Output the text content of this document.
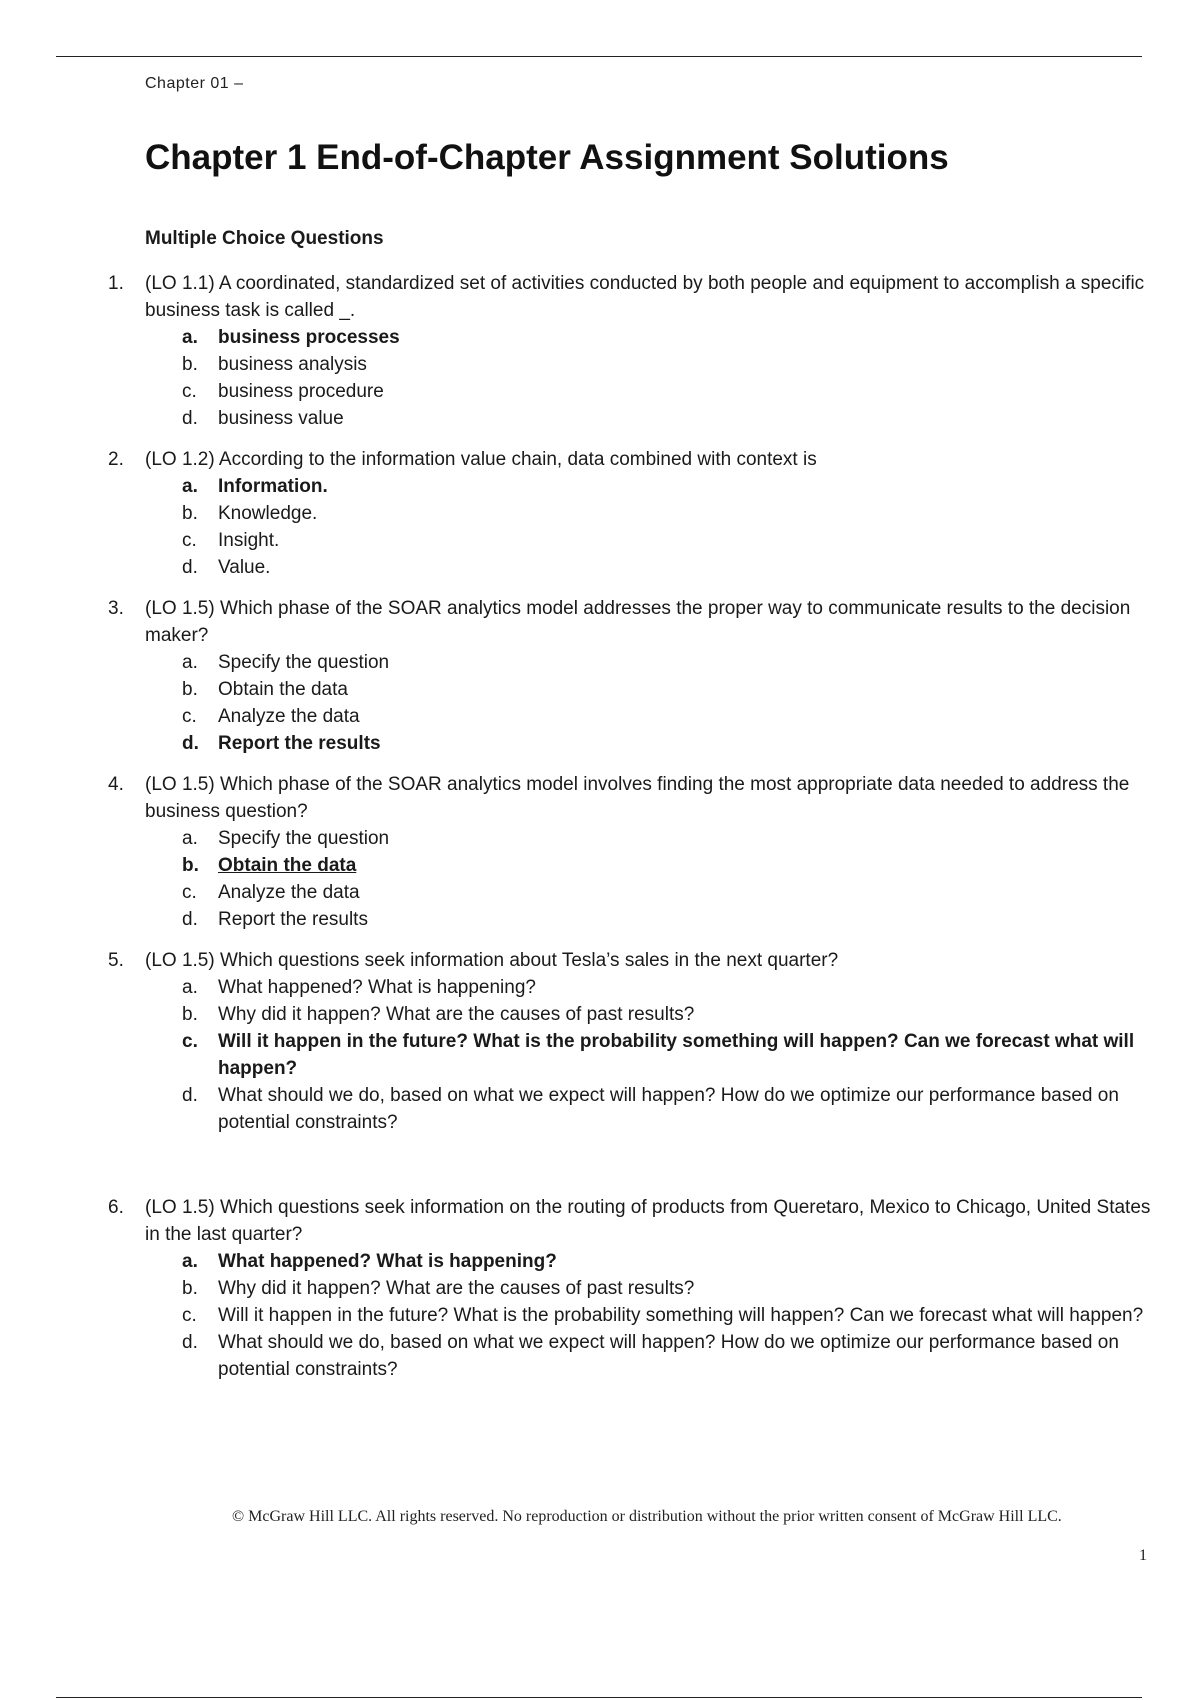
Chapter 01 –
Chapter 1 End-of-Chapter Assignment Solutions
Multiple Choice Questions
1. (LO 1.1) A coordinated, standardized set of activities conducted by both people and equipment to accomplish a specific business task is called _.
a. business processes
b. business analysis
c. business procedure
d. business value
2. (LO 1.2) According to the information value chain, data combined with context is
a. Information.
b. Knowledge.
c. Insight.
d. Value.
3. (LO 1.5) Which phase of the SOAR analytics model addresses the proper way to communicate results to the decision maker?
a. Specify the question
b. Obtain the data
c. Analyze the data
d. Report the results
4. (LO 1.5) Which phase of the SOAR analytics model involves finding the most appropriate data needed to address the business question?
a. Specify the question
b. Obtain the data
c. Analyze the data
d. Report the results
5. (LO 1.5) Which questions seek information about Tesla’s sales in the next quarter?
a. What happened? What is happening?
b. Why did it happen? What are the causes of past results?
c. Will it happen in the future? What is the probability something will happen? Can we forecast what will happen?
d. What should we do, based on what we expect will happen? How do we optimize our performance based on potential constraints?
6. (LO 1.5) Which questions seek information on the routing of products from Queretaro, Mexico to Chicago, United States in the last quarter?
a. What happened? What is happening?
b. Why did it happen? What are the causes of past results?
c. Will it happen in the future? What is the probability something will happen? Can we forecast what will happen?
d. What should we do, based on what we expect will happen? How do we optimize our performance based on potential constraints?
© McGraw Hill LLC. All rights reserved. No reproduction or distribution without the prior written consent of McGraw Hill LLC.
1
